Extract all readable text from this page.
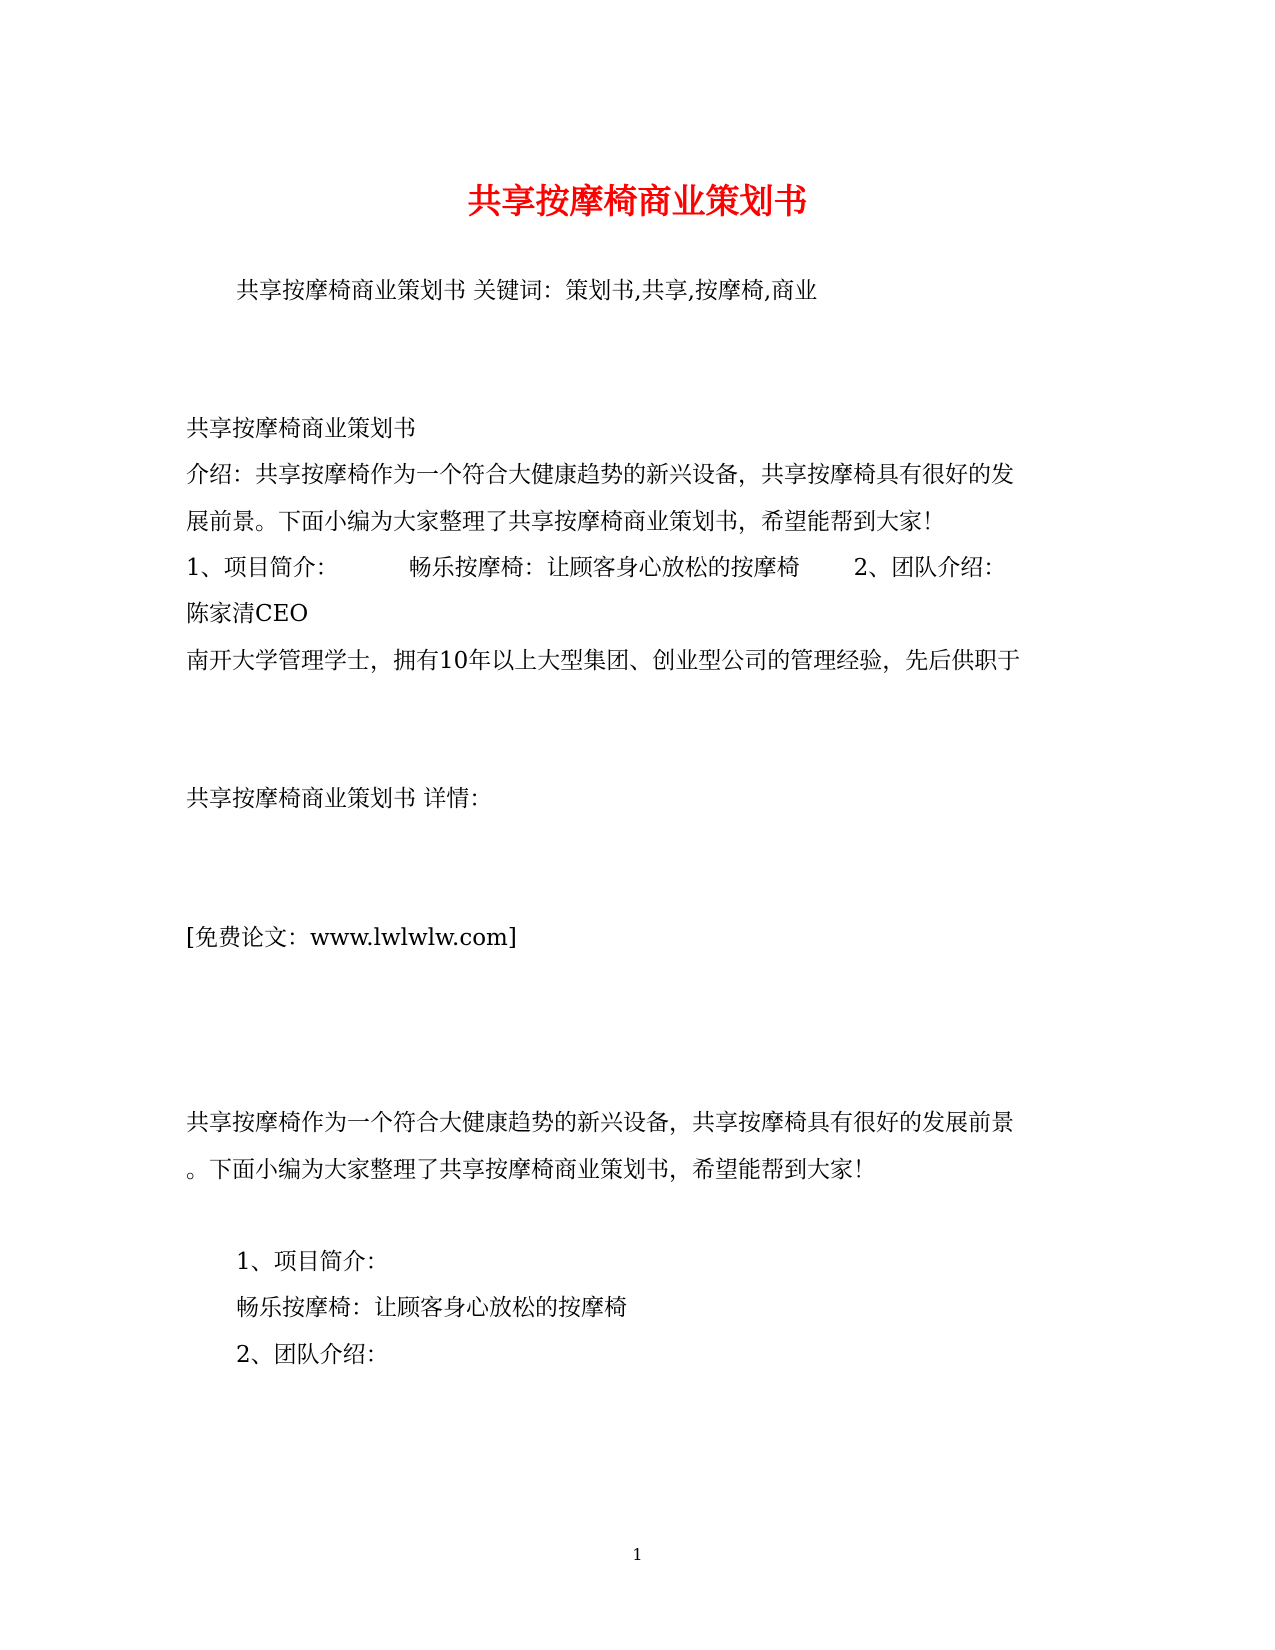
共享按摩椅商业策划书
共享按摩椅商业策划书 关键词：策划书,共享,按摩椅,商业
共享按摩椅商业策划书
介绍：共享按摩椅作为一个符合大健康趋势的新兴设备，共享按摩椅具有很好的发
展前景。下面小编为大家整理了共享按摩椅商业策划书，希望能帮到大家！
1、项目简介：	畅乐按摩椅：让顾客身心放松的按摩椅 2、团队介绍：
陈家清CEO
南开大学管理学士，拥有10年以上大型集团、创业型公司的管理经验，先后供职于
共享按摩椅商业策划书 详情：
[免费论文：www.lwlwlw.com]
共享按摩椅作为一个符合大健康趋势的新兴设备，共享按摩椅具有很好的发展前景
。下面小编为大家整理了共享按摩椅商业策划书，希望能帮到大家！
1、项目简介：
畅乐按摩椅：让顾客身心放松的按摩椅
2、团队介绍：
1
